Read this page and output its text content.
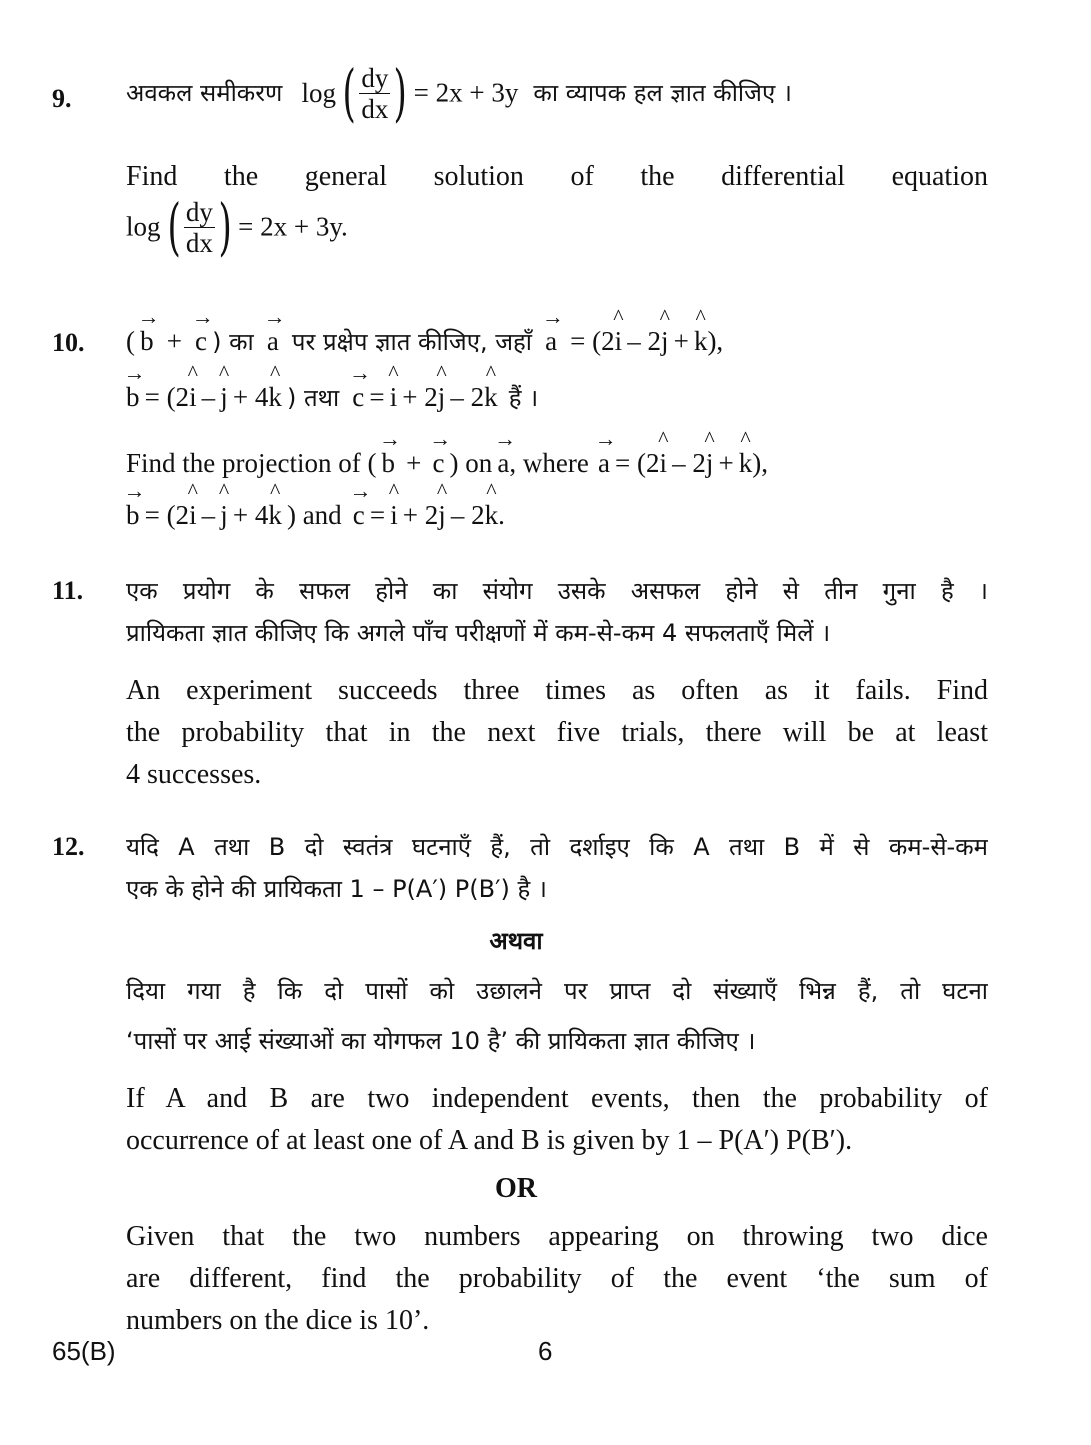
9. अवकल समीकरण log ( $\frac{dy}{dx}$ ) = 2x + 3y का व्यापक हल ज्ञात कीजिए ।
Find the general solution of the differential equation
log ( $\frac{dy}{dx}$ ) = 2x + 3y.
10. ( → b + → c ) का → a पर प्रक्षेप ज्ञात कीजिए, जहाँ → a = (2^ i – 2^ j + ^ k),
→ b = (2^ i – ^ j + 4^ k ) तथा → c = ^ i + 2^ j – 2^ k हैं ।
Find the projection of ( → b + → c ) on → a, where → a = (2^ i – 2^ j + ^ k),
→ b = (2^ i – ^ j + 4^ k ) and → c = ^ i + 2^ j – 2^ k.
11. एक प्रयोग के सफल होने का संयोग उसके असफल होने से तीन गुना है ।
प्रायिकता ज्ञात कीजिए कि अगले पाँच परीक्षणों में कम-से-कम 4 सफलताएँ मिलें ।
An experiment succeeds three times as often as it fails. Find
the probability that in the next five trials, there will be at least
4 successes.
12. यदि A तथा B दो स्वतंत्र घटनाएँ हैं, तो दर्शाइए कि A तथा B में से कम-से-कम
एक के होने की प्रायिकता 1 – P(A′) P(B′) है ।
अथवा
दिया गया है कि दो पासों को उछालने पर प्राप्त दो संख्याएँ भिन्न हैं, तो घटना
‘पासों पर आई संख्याओं का योगफल 10 है’ की प्रायिकता ज्ञात कीजिए ।
If A and B are two independent events, then the probability of
occurrence of at least one of A and B is given by 1 – P(A′) P(B′).
OR
Given that the two numbers appearing on throwing two dice
are different, find the probability of the event ‘the sum of
numbers on the dice is 10’.
65(B)	6
